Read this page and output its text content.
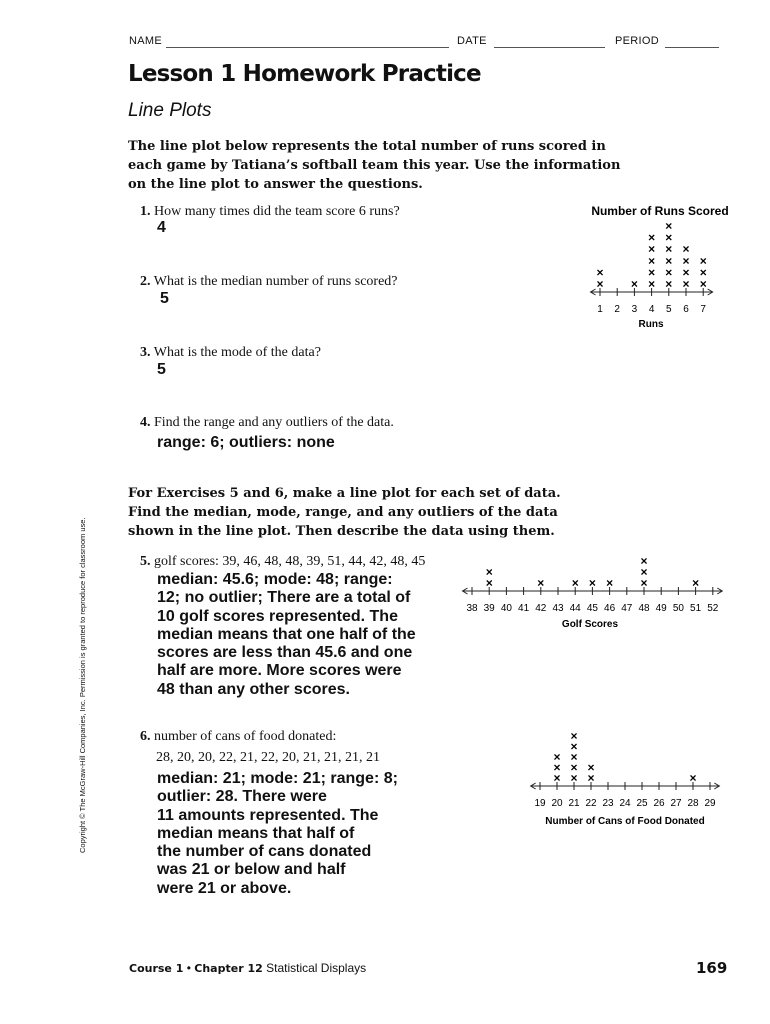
NAME	DATE	PERIOD
Lesson 1 Homework Practice
Line Plots
The line plot below represents the total number of runs scored in
each game by Tatiana’s softball team this year. Use the information
on the line plot to answer the questions.
1. How many times did the team score 6 runs?
4
2. What is the median number of runs scored?
5
3. What is the mode of the data?
5
4. Find the range and any outliers of the data.
range: 6; outliers: none
For Exercises 5 and 6, make a line plot for each set of data.
Find the median, mode, range, and any outliers of the data
shown in the line plot. Then describe the data using them.
5. golf scores: 39, 46, 48, 48, 39, 51, 44, 42, 48, 45
median: 45.6; mode: 48; range:
12; no outlier; There are a total of
10 golf scores represented. The
median means that one half of the
scores are less than 45.6 and one
half are more. More scores were
48 than any other scores.
6. number of cans of food donated:
28, 20, 20, 22, 21, 22, 20, 21, 21, 21, 21
median: 21; mode: 21; range: 8;
outlier: 28. There were
11 amounts represented. The
median means that half of
the number of cans donated
was 21 or below and half
were 21 or above.
Copyright © The McGraw-Hill Companies, Inc. Permission is granted to reproduce for classroom use.
Course 1 • Chapter 12 Statistical Displays	169
Number of Runs Scored
1
×
×
2 3
×
4
×
×
×
×
×
5
×
×
×
×
×
×
6
×
×
×
×
7
×
×
×
Runs
38 39
×
×
40 41 42
×
43 44
×
45
×
46
×
47 48
×
×
×
49 50 51
×
52
Golf Scores
19 20
×
×
×
21
×
×
×
×
×
22
×
×
23 24 25 26 27 28
×
29
Number of Cans of Food Donated
